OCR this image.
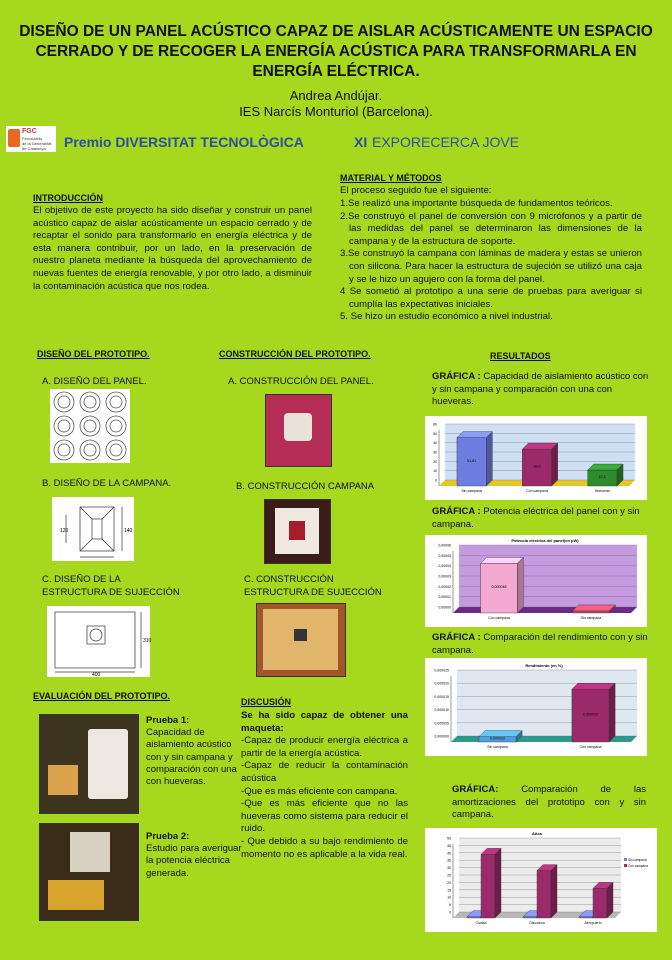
DISEÑO DE UN PANEL ACÚSTICO CAPAZ DE AISLAR ACÚSTICAMENTE UN ESPACIO CERRADO Y DE RECOGER LA ENERGÍA ACÚSTICA PARA TRANSFORMARLA EN ENERGÍA ELÉCTRICA.
Andrea Andújar.
IES Narcís Monturiol (Barcelona).
FGC
Ferrocarrils
de la Generalitat
de Catalunya Premio DIVERSITAT TECNOLÒGICA	XI EXPORECERCA JOVE
INTRODUCCIÓN
El objetivo de este proyecto ha sido diseñar y construir un panel acústico capaz de aislar acústicamente un espacio cerrado y de recaptar el sonido para transformarlo en energía eléctrica y de esta manera contribuir, por un lado, en la preservación de nuestro planeta mediante la búsqueda del aprovechamiento de nuevas fuentes de energía renovable, y por otro lado, a disminuir la contaminación acústica que nos rodea.
MATERIAL Y MÉTODOS
El proceso seguido fue el siguiente:
1.Se realizó una importante búsqueda de fundamentos teóricos.
2.Se construyó el panel de conversión con 9 micrófonos y a partir de las medidas del panel se determinaron las dimensiones de la campana y de la estructura de soporte.
3.Se construyó la campana con láminas de madera y estas se unieron con silicona. Para hacer la estructura de sujeción se utilizó una caja y se le hizo un agujero con la forma del panel.
4 Se sometió al prototipo a una serie de pruebas para averiguar si cumplía las expectativas iniciales.
5. Se hizo un estudio económico a nivel industrial.
DISEÑO DEL PROTOTIPO.
A. DISEÑO DEL PANEL.
B. DISEÑO DE LA CAMPANA.
120	140
C. DISEÑO DE LA
ESTRUCTURA DE SUJECCIÓN
400
310
CONSTRUCCIÓN DEL PROTOTIPO.
A. CONSTRUCCIÓN DEL PANEL.
B. CONSTRUCCIÓN CAMPANA
C. CONSTRUCCIÓN
ESTRUCTURA DE SUJECCIÓN
EVALUACIÓN DEL PROTOTIPO.
Prueba 1:
Capacidad de aislamiento acústico con y sin campana y comparación con una con hueveras.
Prueba 2:
Estudio para averiguar la potencia eléctrica generada.
DISCUSIÓN
Se ha sido capaz de obtener una maqueta:
-Capaz de producir energía eléctrica a partir de la energía acústica.
-Capaz de reducir la contaminación acústica
-Que es más eficiente con campana.
-Que es más eficiente que no las hueveras como sistema para reducir el ruido.
- Que debido a su bajo rendimiento de momento no es aplicable a la vida real.
RESULTADOS
GRÁFICA : Capacidad de aislamiento acústico con y sin campana y comparación con una con hueveras.
0
10
20
30
40
50
60
51,81
Sin campana
39,5
Con campana
17,1
Hueveras
GRÁFICA : Potencia eléctrica del panel con y sin campana.
0,00000
0,00001
0,00002
0,00003
0,00004
0,00005
0,00006
Potencia eléctrica del panel(en μW)
0,000048
Con campana	Sin campana
GRÁFICA : Comparación del rendimiento con y sin campana.
0,000000
0,000005
0,000010
0,000015
0,000020
0,000025
Rendimiento (en %)
0,000002
Sin campana
0,000020
Con campana
GRÁFICA: Comparación de las amortizaciones del prototipo con y sin campana.
0
5
10
15
20
25
30
35
40
45
50
Años
Ciudad	Discoteca	Aeropuerto
Sin campana
Con campana
